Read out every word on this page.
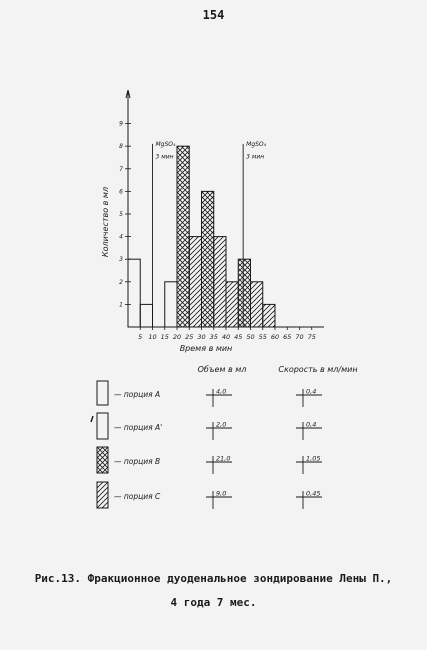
154
1
2
3
4
5
6
7
8
9
5 10 15 20 25 30 35 40 45 50 55 60 65 70 75
Время в мин
Количество в мл
MgSO₄
3 мин
MgSO₄
3 мин
Объем в мл	Скорость в мл/мин
— порция А	4,0	0,4
— порция А'	2,0	0,4
— порция В	21,0	1,05
— порция С	9,0	0,45
Рис.13. Фракционное дуоденальное зондирование Лены П.,
4 года 7 мес.
